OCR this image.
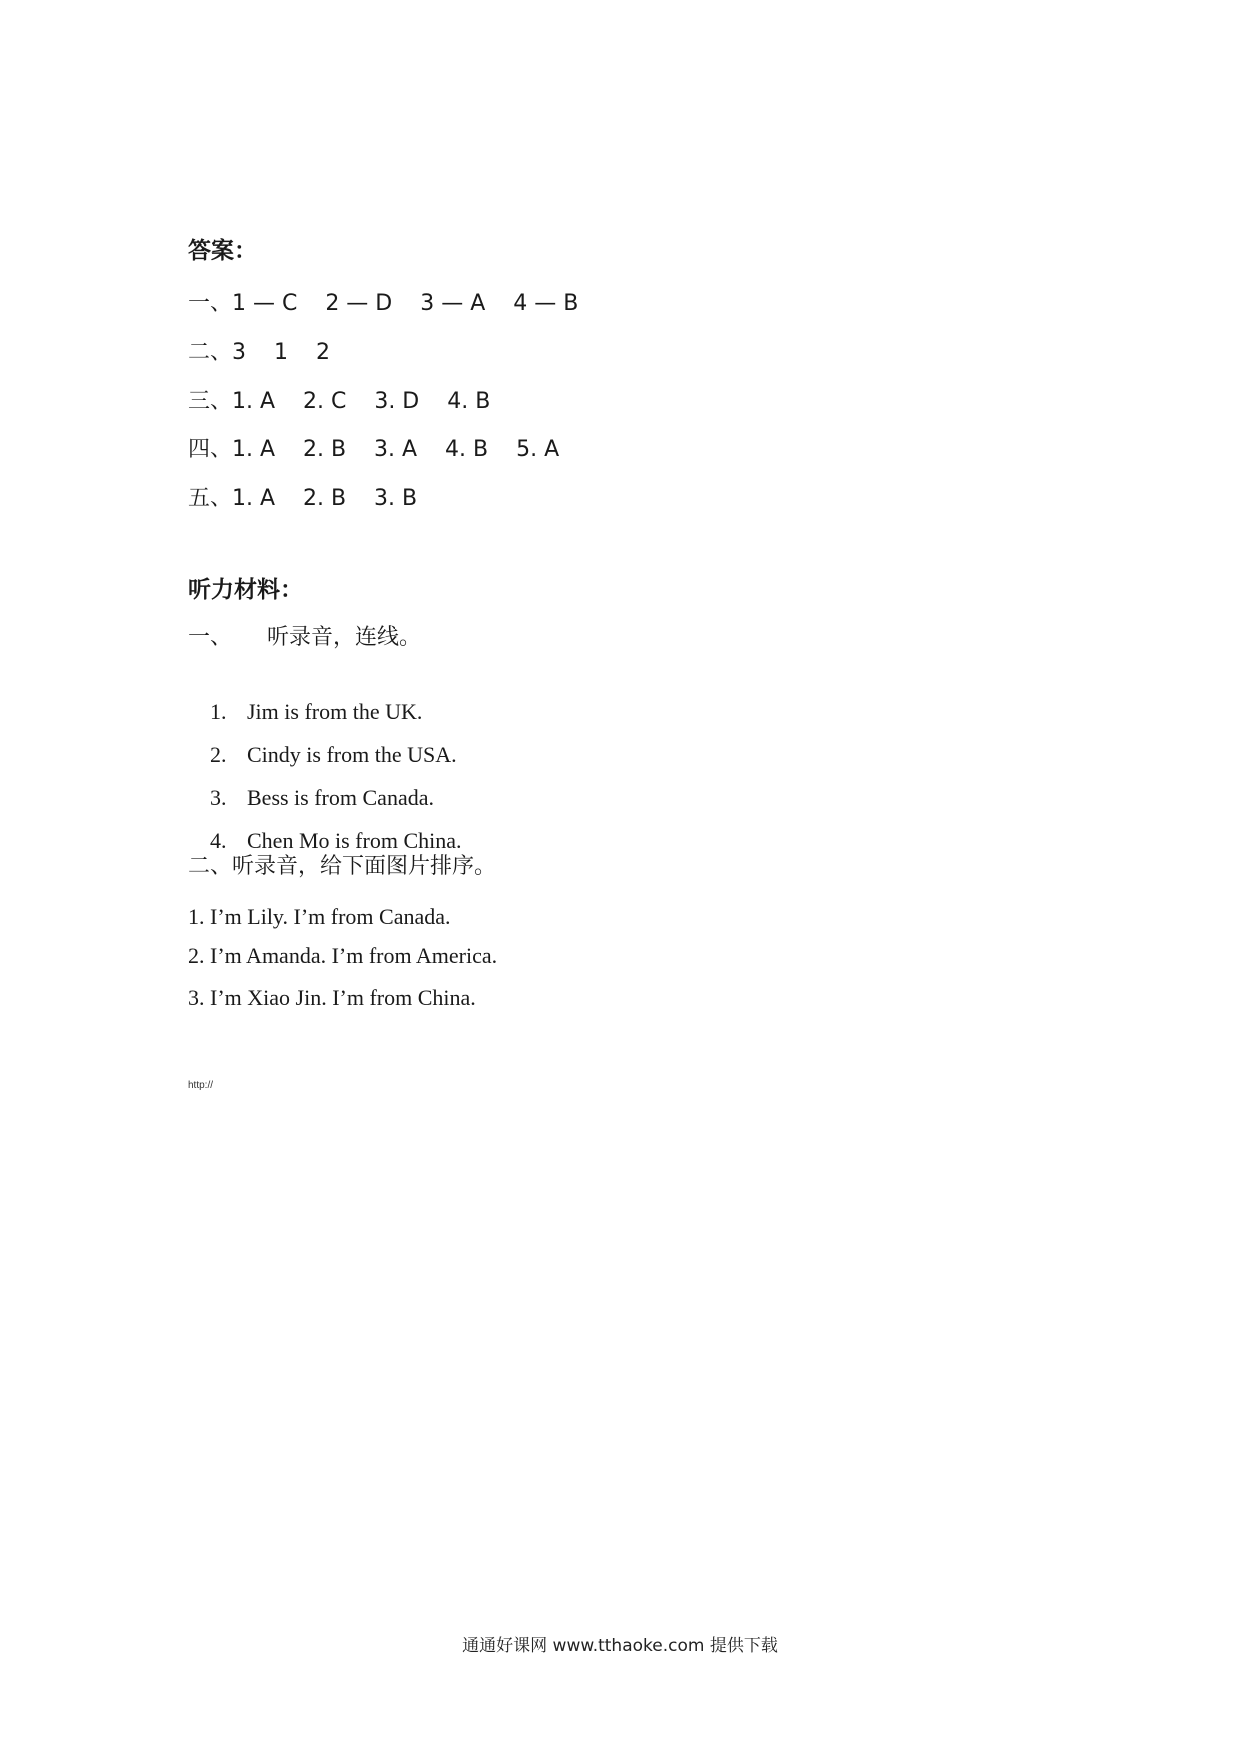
答案：
一、1 — C    2 — D    3 — A    4 — B
二、3    1    2
三、1. A    2. C    3. D    4. B
四、1. A    2. B    3. A    4. B    5. A
五、1. A    2. B    3. B
听力材料：
一、     听录音，连线。

1. Jim is from the UK.

2. Cindy is from the USA.

3. Bess is from Canada.

4. Chen Mo is from China.

二、听录音，给下面图片排序。
1. I’m Lily. I’m from Canada.
2. I’m Amanda. I’m from America.
3. I’m Xiao Jin. I’m from China.
http://
通通好课网 www.tthaoke.com 提供下载
